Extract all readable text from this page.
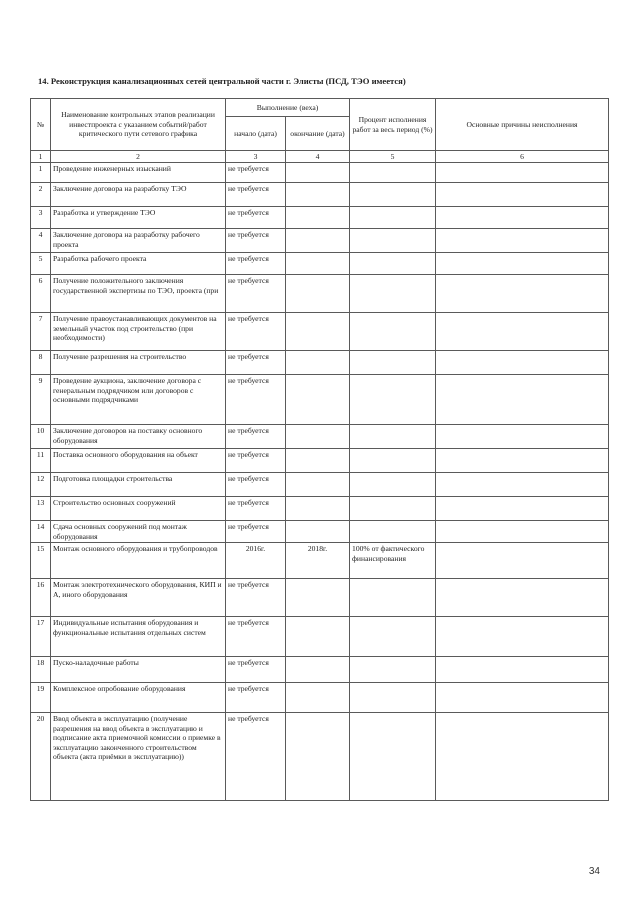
14. Реконструкция канализационных сетей центральной части г. Элисты (ПСД, ТЭО имеется)
№	Наименование контрольных этапов реализации инвестпроекта с указанием событий/работ критического пути сетевого графика	Выполнение (веха)		Процент исполнения работ за весь период (%)	Основные причины неисполнения
		начало (дата)	окончание (дата)		
1	2	3	4	5	6
1	Проведение инженерных изысканий	не требуется			
2	Заключение договора на разработку ТЭО	не требуется			
3	Разработка и утверждение ТЭО	не требуется			
4	Заключение договора на разработку рабочего проекта	не требуется			
5	Разработка рабочего проекта	не требуется			
6	Получение положительного заключения государственной экспертизы по ТЭО, проекта (при	не требуется			
7	Получение правоустанавливающих документов на земельный участок под строительство (при необходимости)	не требуется			
8	Получение разрешения на строительство	не требуется			
9	Проведение аукциона, заключение договора с генеральным подрядчиком или договоров с основными подрядчиками	не требуется			
10	Заключение договоров на поставку основного оборудования	не требуется			
11	Поставка основного оборудования на объект	не требуется			
12	Подготовка площадки строительства	не требуется			
13	Строительство основных сооружений	не требуется			
14	Сдача основных сооружений под монтаж оборудования	не требуется			
15	Монтаж основного оборудования и трубопроводов	2016г.	2018г.	100% от фактического финансирования	
16	Монтаж электротехнического оборудования, КИП и А, иного оборудования	не требуется			
17	Индивидуальные испытания оборудования и функциональные испытания отдельных систем	не требуется			
18	Пуско-наладочные работы	не требуется			
19	Комплексное опробование оборудования	не требуется			
20	Ввод объекта в эксплуатацию (получение разрешения на ввод объекта в эксплуатацию и подписание акта приемочной комиссии о приемке в эксплуатацию законченного строительством объекта (акта приёмки в эксплуатацию))	не требуется			
34
